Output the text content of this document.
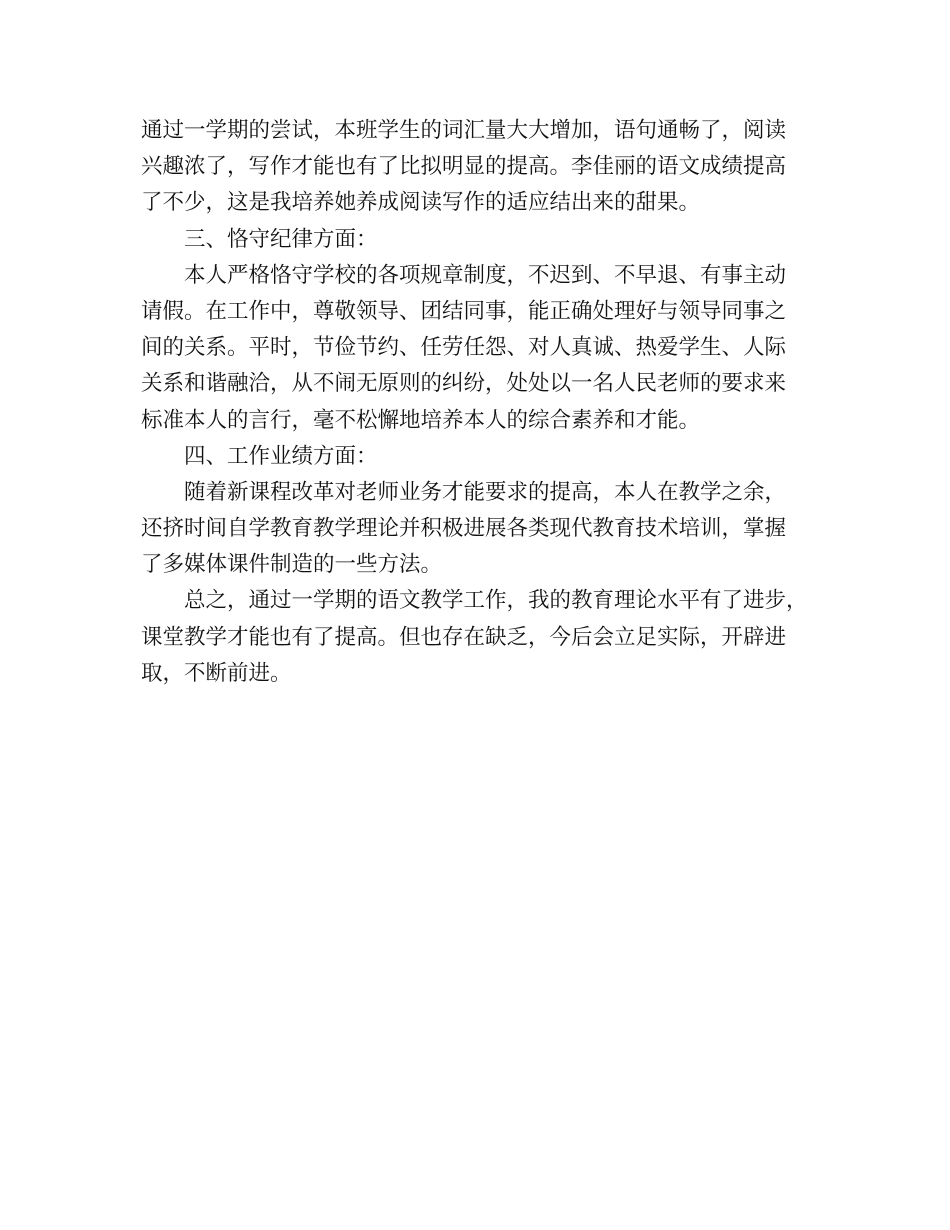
通过一学期的尝试，本班学生的词汇量大大增加，语句通畅了，阅读
兴趣浓了，写作才能也有了比拟明显的提高。李佳丽的语文成绩提高
了不少，这是我培养她养成阅读写作的适应结出来的甜果。
三、恪守纪律方面：
本人严格恪守学校的各项规章制度，不迟到、不早退、有事主动
请假。在工作中，尊敬领导、团结同事，能正确处理好与领导同事之
间的关系。平时，节俭节约、任劳任怨、对人真诚、热爱学生、人际
关系和谐融洽，从不闹无原则的纠纷，处处以一名人民老师的要求来
标准本人的言行，毫不松懈地培养本人的综合素养和才能。
四、工作业绩方面：
随着新课程改革对老师业务才能要求的提高，本人在教学之余，
还挤时间自学教育教学理论并积极进展各类现代教育技术培训，掌握
了多媒体课件制造的一些方法。
总之，通过一学期的语文教学工作，我的教育理论水平有了进步，
课堂教学才能也有了提高。但也存在缺乏，今后会立足实际，开辟进
取，不断前进。
